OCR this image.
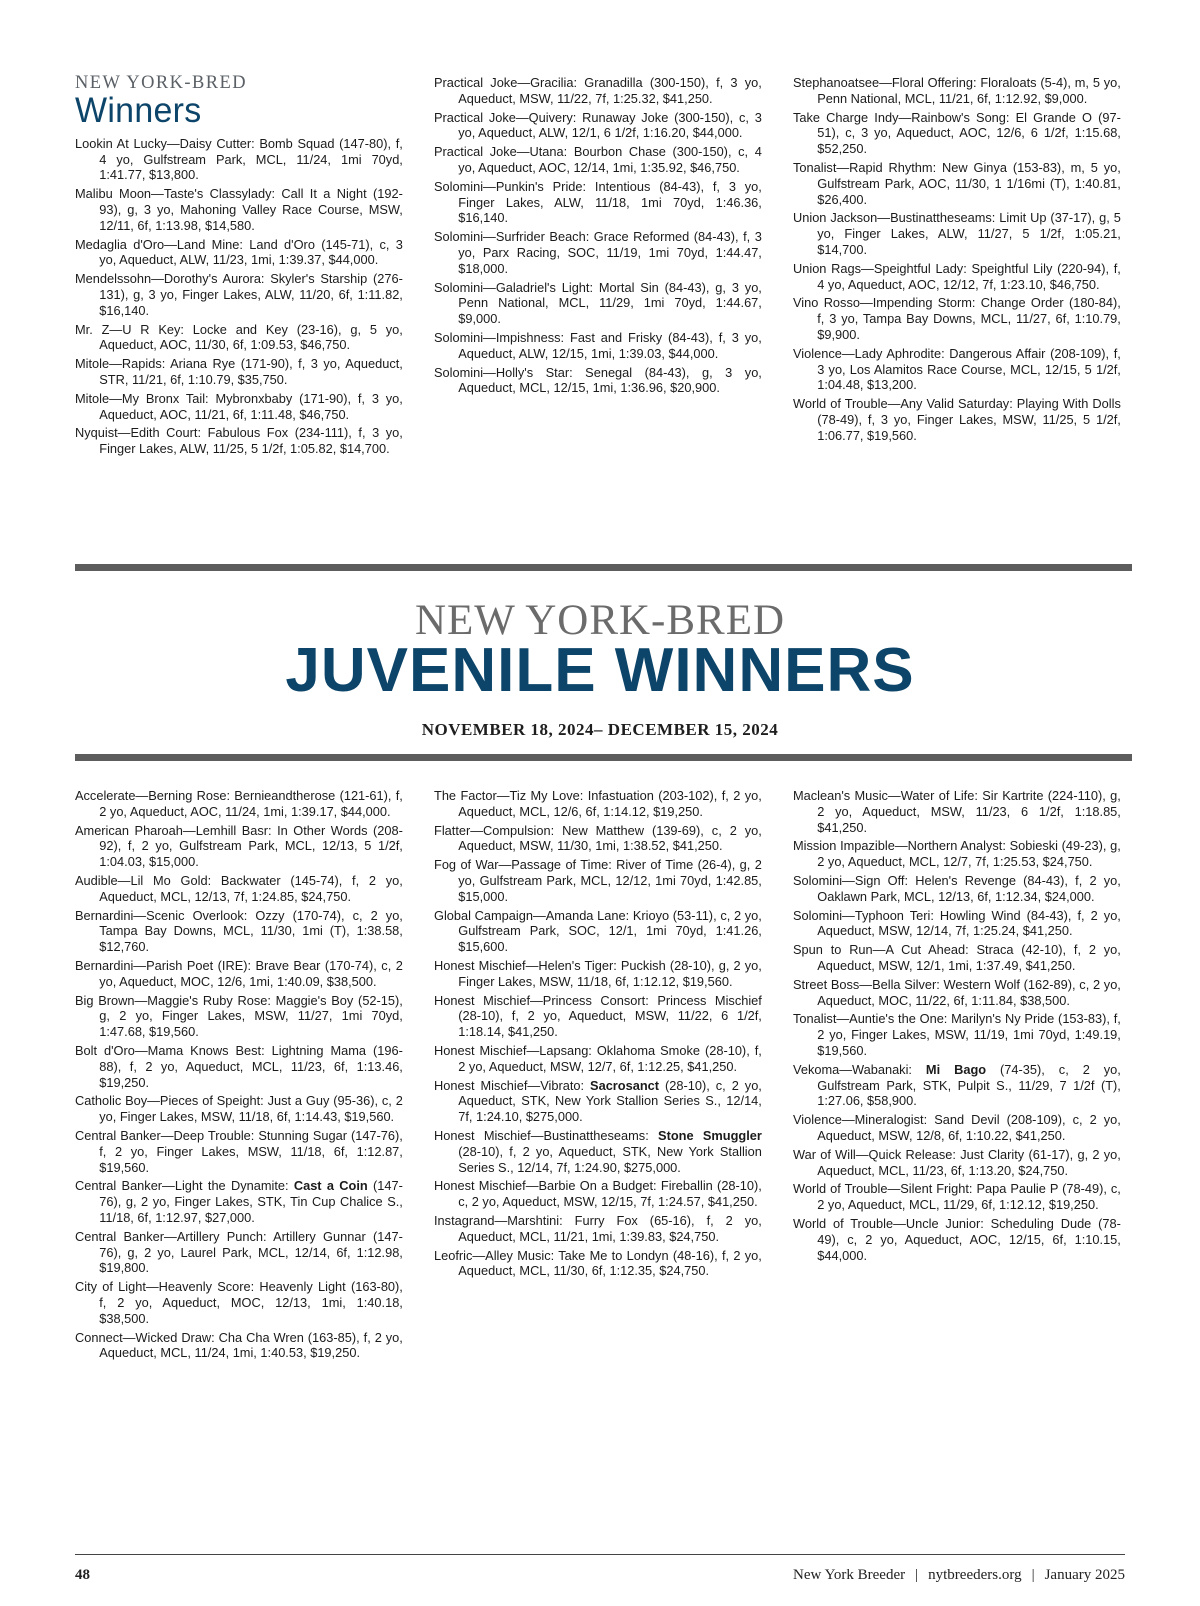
NEW YORK-BRED
Winners
Lookin At Lucky—Daisy Cutter: Bomb Squad (147-80), f, 4 yo, Gulfstream Park, MCL, 11/24, 1mi 70yd, 1:41.77, $13,800.
Malibu Moon—Taste's Classylady: Call It a Night (192-93), g, 3 yo, Mahoning Valley Race Course, MSW, 12/11, 6f, 1:13.98, $14,580.
Medaglia d'Oro—Land Mine: Land d'Oro (145-71), c, 3 yo, Aqueduct, ALW, 11/23, 1mi, 1:39.37, $44,000.
Mendelssohn—Dorothy's Aurora: Skyler's Starship (276-131), g, 3 yo, Finger Lakes, ALW, 11/20, 6f, 1:11.82, $16,140.
Mr. Z—U R Key: Locke and Key (23-16), g, 5 yo, Aqueduct, AOC, 11/30, 6f, 1:09.53, $46,750.
Mitole—Rapids: Ariana Rye (171-90), f, 3 yo, Aqueduct, STR, 11/21, 6f, 1:10.79, $35,750.
Mitole—My Bronx Tail: Mybronxbaby (171-90), f, 3 yo, Aqueduct, AOC, 11/21, 6f, 1:11.48, $46,750.
Nyquist—Edith Court: Fabulous Fox (234-111), f, 3 yo, Finger Lakes, ALW, 11/25, 5 1/2f, 1:05.82, $14,700.
Practical Joke—Gracilia: Granadilla (300-150), f, 3 yo, Aqueduct, MSW, 11/22, 7f, 1:25.32, $41,250.
Practical Joke—Quivery: Runaway Joke (300-150), c, 3 yo, Aqueduct, ALW, 12/1, 6 1/2f, 1:16.20, $44,000.
Practical Joke—Utana: Bourbon Chase (300-150), c, 4 yo, Aqueduct, AOC, 12/14, 1mi, 1:35.92, $46,750.
Solomini—Punkin's Pride: Intentious (84-43), f, 3 yo, Finger Lakes, ALW, 11/18, 1mi 70yd, 1:46.36, $16,140.
Solomini—Surfrider Beach: Grace Reformed (84-43), f, 3 yo, Parx Racing, SOC, 11/19, 1mi 70yd, 1:44.47, $18,000.
Solomini—Galadriel's Light: Mortal Sin (84-43), g, 3 yo, Penn National, MCL, 11/29, 1mi 70yd, 1:44.67, $9,000.
Solomini—Impishness: Fast and Frisky (84-43), f, 3 yo, Aqueduct, ALW, 12/15, 1mi, 1:39.03, $44,000.
Solomini—Holly's Star: Senegal (84-43), g, 3 yo, Aqueduct, MCL, 12/15, 1mi, 1:36.96, $20,900.
Stephanoatsee—Floral Offering: Floraloats (5-4), m, 5 yo, Penn National, MCL, 11/21, 6f, 1:12.92, $9,000.
Take Charge Indy—Rainbow's Song: El Grande O (97-51), c, 3 yo, Aqueduct, AOC, 12/6, 6 1/2f, 1:15.68, $52,250.
Tonalist—Rapid Rhythm: New Ginya (153-83), m, 5 yo, Gulfstream Park, AOC, 11/30, 1 1/16mi (T), 1:40.81, $26,400.
Union Jackson—Bustinattheseams: Limit Up (37-17), g, 5 yo, Finger Lakes, ALW, 11/27, 5 1/2f, 1:05.21, $14,700.
Union Rags—Speightful Lady: Speightful Lily (220-94), f, 4 yo, Aqueduct, AOC, 12/12, 7f, 1:23.10, $46,750.
Vino Rosso—Impending Storm: Change Order (180-84), f, 3 yo, Tampa Bay Downs, MCL, 11/27, 6f, 1:10.79, $9,900.
Violence—Lady Aphrodite: Dangerous Affair (208-109), f, 3 yo, Los Alamitos Race Course, MCL, 12/15, 5 1/2f, 1:04.48, $13,200.
World of Trouble—Any Valid Saturday: Playing With Dolls (78-49), f, 3 yo, Finger Lakes, MSW, 11/25, 5 1/2f, 1:06.77, $19,560.
NEW YORK-BRED
JUVENILE WINNERS
NOVEMBER 18, 2024– DECEMBER 15, 2024
Accelerate—Berning Rose: Bernieandtherose (121-61), f, 2 yo, Aqueduct, AOC, 11/24, 1mi, 1:39.17, $44,000.
American Pharoah—Lemhill Basr: In Other Words (208-92), f, 2 yo, Gulfstream Park, MCL, 12/13, 5 1/2f, 1:04.03, $15,000.
Audible—Lil Mo Gold: Backwater (145-74), f, 2 yo, Aqueduct, MCL, 12/13, 7f, 1:24.85, $24,750.
Bernardini—Scenic Overlook: Ozzy (170-74), c, 2 yo, Tampa Bay Downs, MCL, 11/30, 1mi (T), 1:38.58, $12,760.
Bernardini—Parish Poet (IRE): Brave Bear (170-74), c, 2 yo, Aqueduct, MOC, 12/6, 1mi, 1:40.09, $38,500.
Big Brown—Maggie's Ruby Rose: Maggie's Boy (52-15), g, 2 yo, Finger Lakes, MSW, 11/27, 1mi 70yd, 1:47.68, $19,560.
Bolt d'Oro—Mama Knows Best: Lightning Mama (196-88), f, 2 yo, Aqueduct, MCL, 11/23, 6f, 1:13.46, $19,250.
Catholic Boy—Pieces of Speight: Just a Guy (95-36), c, 2 yo, Finger Lakes, MSW, 11/18, 6f, 1:14.43, $19,560.
Central Banker—Deep Trouble: Stunning Sugar (147-76), f, 2 yo, Finger Lakes, MSW, 11/18, 6f, 1:12.87, $19,560.
Central Banker—Light the Dynamite: Cast a Coin (147-76), g, 2 yo, Finger Lakes, STK, Tin Cup Chalice S., 11/18, 6f, 1:12.97, $27,000.
Central Banker—Artillery Punch: Artillery Gunnar (147-76), g, 2 yo, Laurel Park, MCL, 12/14, 6f, 1:12.98, $19,800.
City of Light—Heavenly Score: Heavenly Light (163-80), f, 2 yo, Aqueduct, MOC, 12/13, 1mi, 1:40.18, $38,500.
Connect—Wicked Draw: Cha Cha Wren (163-85), f, 2 yo, Aqueduct, MCL, 11/24, 1mi, 1:40.53, $19,250.
The Factor—Tiz My Love: Infastuation (203-102), f, 2 yo, Aqueduct, MCL, 12/6, 6f, 1:14.12, $19,250.
Flatter—Compulsion: New Matthew (139-69), c, 2 yo, Aqueduct, MSW, 11/30, 1mi, 1:38.52, $41,250.
Fog of War—Passage of Time: River of Time (26-4), g, 2 yo, Gulfstream Park, MCL, 12/12, 1mi 70yd, 1:42.85, $15,000.
Global Campaign—Amanda Lane: Krioyo (53-11), c, 2 yo, Gulfstream Park, SOC, 12/1, 1mi 70yd, 1:41.26, $15,600.
Honest Mischief—Helen's Tiger: Puckish (28-10), g, 2 yo, Finger Lakes, MSW, 11/18, 6f, 1:12.12, $19,560.
Honest Mischief—Princess Consort: Princess Mischief (28-10), f, 2 yo, Aqueduct, MSW, 11/22, 6 1/2f, 1:18.14, $41,250.
Honest Mischief—Lapsang: Oklahoma Smoke (28-10), f, 2 yo, Aqueduct, MSW, 12/7, 6f, 1:12.25, $41,250.
Honest Mischief—Vibrato: Sacrosanct (28-10), c, 2 yo, Aqueduct, STK, New York Stallion Series S., 12/14, 7f, 1:24.10, $275,000.
Honest Mischief—Bustinattheseams: Stone Smuggler (28-10), f, 2 yo, Aqueduct, STK, New York Stallion Series S., 12/14, 7f, 1:24.90, $275,000.
Honest Mischief—Barbie On a Budget: Fireballin (28-10), c, 2 yo, Aqueduct, MSW, 12/15, 7f, 1:24.57, $41,250.
Instagrand—Marshtini: Furry Fox (65-16), f, 2 yo, Aqueduct, MCL, 11/21, 1mi, 1:39.83, $24,750.
Leofric—Alley Music: Take Me to Londyn (48-16), f, 2 yo, Aqueduct, MCL, 11/30, 6f, 1:12.35, $24,750.
Maclean's Music—Water of Life: Sir Kartrite (224-110), g, 2 yo, Aqueduct, MSW, 11/23, 6 1/2f, 1:18.85, $41,250.
Mission Impazible—Northern Analyst: Sobieski (49-23), g, 2 yo, Aqueduct, MCL, 12/7, 7f, 1:25.53, $24,750.
Solomini—Sign Off: Helen's Revenge (84-43), f, 2 yo, Oaklawn Park, MCL, 12/13, 6f, 1:12.34, $24,000.
Solomini—Typhoon Teri: Howling Wind (84-43), f, 2 yo, Aqueduct, MSW, 12/14, 7f, 1:25.24, $41,250.
Spun to Run—A Cut Ahead: Straca (42-10), f, 2 yo, Aqueduct, MSW, 12/1, 1mi, 1:37.49, $41,250.
Street Boss—Bella Silver: Western Wolf (162-89), c, 2 yo, Aqueduct, MOC, 11/22, 6f, 1:11.84, $38,500.
Tonalist—Auntie's the One: Marilyn's Ny Pride (153-83), f, 2 yo, Finger Lakes, MSW, 11/19, 1mi 70yd, 1:49.19, $19,560.
Vekoma—Wabanaki: Mi Bago (74-35), c, 2 yo, Gulfstream Park, STK, Pulpit S., 11/29, 7 1/2f (T), 1:27.06, $58,900.
Violence—Mineralogist: Sand Devil (208-109), c, 2 yo, Aqueduct, MSW, 12/8, 6f, 1:10.22, $41,250.
War of Will—Quick Release: Just Clarity (61-17), g, 2 yo, Aqueduct, MCL, 11/23, 6f, 1:13.20, $24,750.
World of Trouble—Silent Fright: Papa Paulie P (78-49), c, 2 yo, Aqueduct, MCL, 11/29, 6f, 1:12.12, $19,250.
World of Trouble—Uncle Junior: Scheduling Dude (78-49), c, 2 yo, Aqueduct, AOC, 12/15, 6f, 1:10.15, $44,000.
48	New York Breeder | nytbreeders.org | January 2025
